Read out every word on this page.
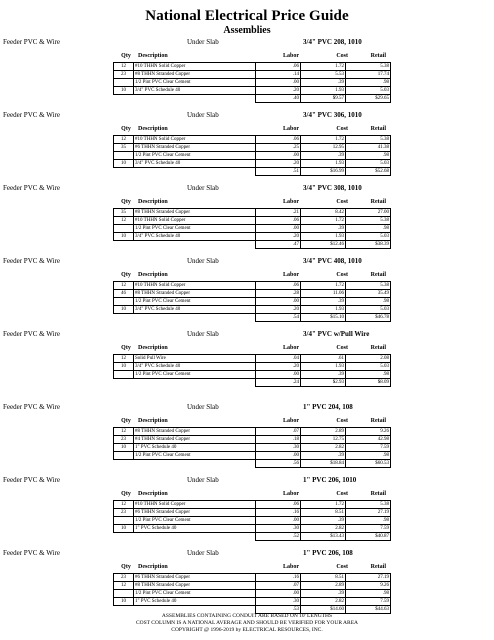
National Electrical Price Guide
Assemblies
Feeder PVC & Wire	Under Slab	3/4" PVC 208, 1010
Qty	Description	Labor	Cost	Retail
12	#10 THHN Solid Copper	.06	1.72	5.38
23	#8 THHN Stranded Copper	.14	5.53	17.74
	1/2 Pint PVC Clear Cement	.00	.39	.98
10	3/4" PVC Schedule 40	.20	1.93	5.03
		.40	$9.57	$29.65
Feeder PVC & Wire	Under Slab	3/4" PVC 306, 1010
Qty	Description	Labor	Cost	Retail
12	#10 THHN Solid Copper	.06	1.72	5.38
35	#6 THHN Stranded Copper	.25	12.95	41.38
	1/2 Pint PVC Clear Cement	.00	.39	.98
10	3/4" PVC Schedule 40	.20	1.93	5.03
		.51	$16.99	$52.68
Feeder PVC & Wire	Under Slab	3/4" PVC 308, 1010
Qty	Description	Labor	Cost	Retail
35	#8 THHN Stranded Copper	.21	8.42	27.00
12	#10 THHN Solid Copper	.06	1.72	5.38
	1/2 Pint PVC Clear Cement	.00	.39	.98
10	3/4" PVC Schedule 40	.20	1.93	5.03
		.47	$12.46	$38.39
Feeder PVC & Wire	Under Slab	3/4" PVC 408, 1010
Qty	Description	Labor	Cost	Retail
12	#10 THHN Solid Copper	.06	1.72	5.38
46	#8 THHN Stranded Copper	.28	11.06	35.49
	1/2 Pint PVC Clear Cement	.00	.39	.98
10	3/4" PVC Schedule 40	.20	1.93	5.03
		.54	$15.10	$46.78
Feeder PVC & Wire	Under Slab	3/4" PVC w/Pull Wire
Qty	Description	Labor	Cost	Retail
12	Solid Pull Wire	.04	.61	2.08
10	3/4" PVC Schedule 40	.20	1.93	5.03
	1/2 Pint PVC Clear Cement	.00	.39	.98
		.24	$2.93	$8.09
Feeder PVC & Wire	Under Slab	1" PVC 204, 108
Qty	Description	Labor	Cost	Retail
12	#8 THHN Stranded Copper	.07	2.89	9.26
23	#4 THHN Stranded Copper	.18	12.75	42.98
10	1" PVC Schedule 40	.30	2.82	7.59
	1/2 Pint PVC Clear Cement	.00	.39	.98
		.56	$18.84	$60.53
Feeder PVC & Wire	Under Slab	1" PVC 206, 1010
Qty	Description	Labor	Cost	Retail
12	#10 THHN Solid Copper	.06	1.72	5.38
23	#6 THHN Stranded Copper	.16	8.51	27.19
	1/2 Pint PVC Clear Cement	.00	.39	.98
10	1" PVC Schedule 40	.30	2.82	7.59
		.52	$13.43	$40.87
Feeder PVC & Wire	Under Slab	1" PVC 206, 108
Qty	Description	Labor	Cost	Retail
23	#6 THHN Stranded Copper	.16	8.51	27.19
12	#8 THHN Stranded Copper	.07	2.89	9.26
	1/2 Pint PVC Clear Cement	.00	.39	.98
10	1" PVC Schedule 40	.30	2.82	7.59
		.53	$14.60	$44.63
ASSEMBLIES CONTAINING CONDUIT ARE BASED ON 10' LENGTHS
COST COLUMN IS A NATIONAL AVERAGE AND SHOULD BE VERIFIED FOR YOUR AREA
COPYRIGHT @ 1996-2019 by ELECTRICAL RESOURCES, INC.
